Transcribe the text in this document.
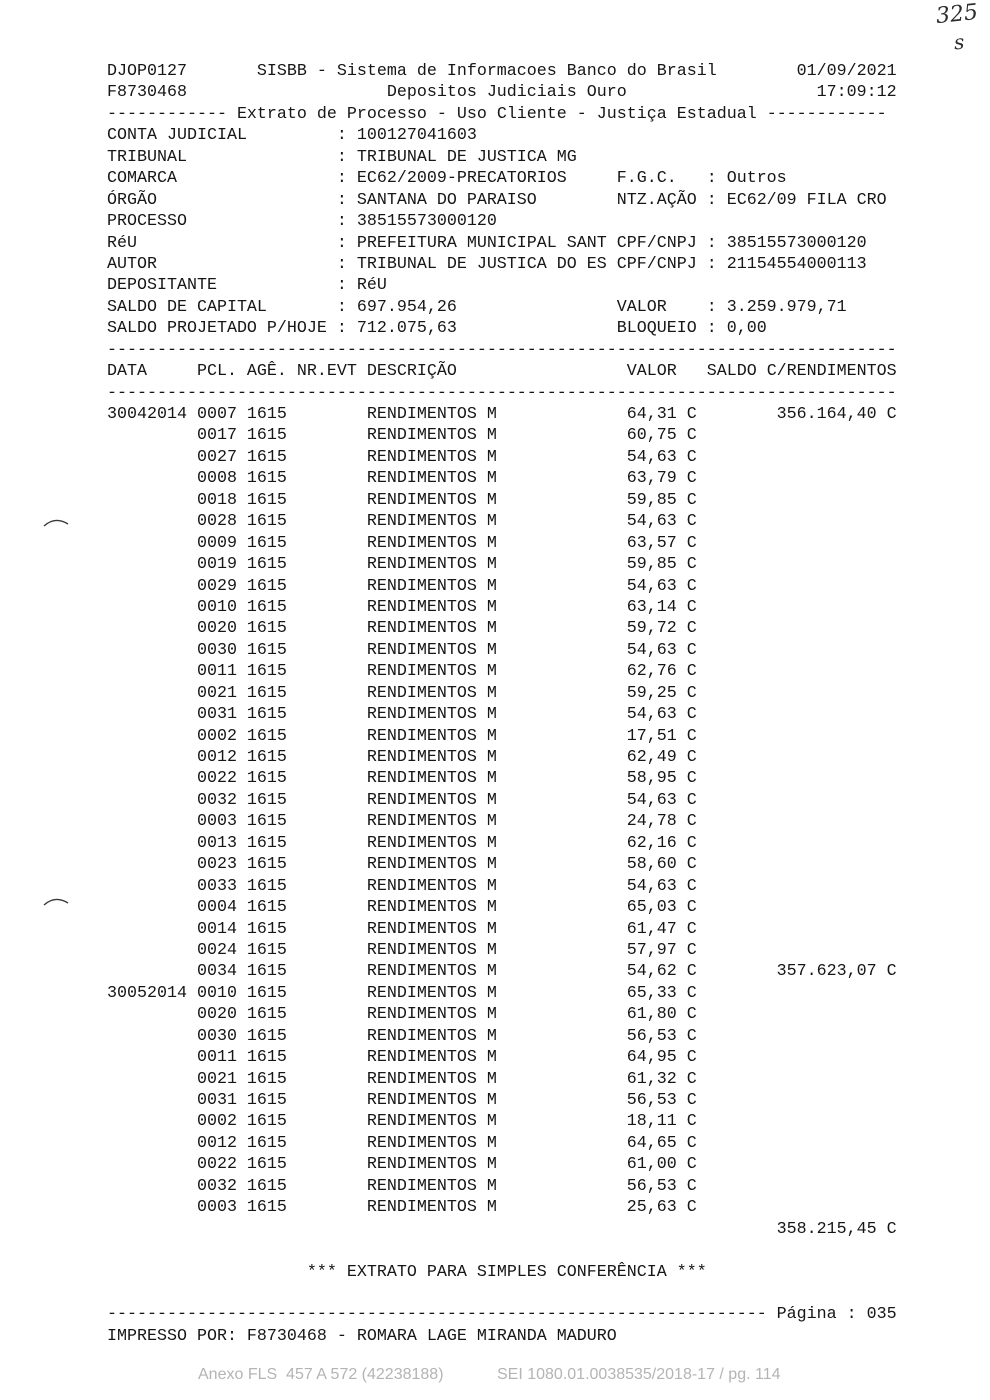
325
s
DJOP0127	SISBB - Sistema de Informacoes Banco do Brasil	01/09/2021
F8730468	Depositos Judiciais Ouro	17:09:12
------------ Extrato de Processo - Uso Cliente - Justiça Estadual ------------
CONTA JUDICIAL	: 100127041603
TRIBUNAL	: TRIBUNAL DE JUSTICA MG
COMARCA	: EC62/2009-PRECATORIOS	F.G.C. : Outros
ÓRGÃO	: SANTANA DO PARAISO	NTZ.AÇÃO : EC62/09 FILA CRO
PROCESSO	: 38515573000120
RéU	: PREFEITURA MUNICIPAL SANT CPF/CNPJ : 38515573000120
AUTOR	: TRIBUNAL DE JUSTICA DO ES CPF/CNPJ : 21154554000113
DEPOSITANTE	: RéU
SALDO DE CAPITAL	: 697.954,26	VALOR : 3.259.979,71
SALDO PROJETADO P/HOJE : 712.075,63	BLOQUEIO : 0,00
-------------------------------------------------------------------------------
DATA	PCL. AGÊ. NR.EVT DESCRIÇÃO	VALOR SALDO C/RENDIMENTOS
-------------------------------------------------------------------------------
30042014 0007 1615	RENDIMENTOS M	64,31 C	356.164,40 C
0017 1615	RENDIMENTOS M	60,75 C
0027 1615	RENDIMENTOS M	54,63 C
0008 1615	RENDIMENTOS M	63,79 C
0018 1615	RENDIMENTOS M	59,85 C
0028 1615	RENDIMENTOS M	54,63 C
0009 1615	RENDIMENTOS M	63,57 C
0019 1615	RENDIMENTOS M	59,85 C
0029 1615	RENDIMENTOS M	54,63 C
0010 1615	RENDIMENTOS M	63,14 C
0020 1615	RENDIMENTOS M	59,72 C
0030 1615	RENDIMENTOS M	54,63 C
0011 1615	RENDIMENTOS M	62,76 C
0021 1615	RENDIMENTOS M	59,25 C
0031 1615	RENDIMENTOS M	54,63 C
0002 1615	RENDIMENTOS M	17,51 C
0012 1615	RENDIMENTOS M	62,49 C
0022 1615	RENDIMENTOS M	58,95 C
0032 1615	RENDIMENTOS M	54,63 C
0003 1615	RENDIMENTOS M	24,78 C
0013 1615	RENDIMENTOS M	62,16 C
0023 1615	RENDIMENTOS M	58,60 C
0033 1615	RENDIMENTOS M	54,63 C
0004 1615	RENDIMENTOS M	65,03 C
0014 1615	RENDIMENTOS M	61,47 C
0024 1615	RENDIMENTOS M	57,97 C
0034 1615	RENDIMENTOS M	54,62 C	357.623,07 C
30052014 0010 1615	RENDIMENTOS M	65,33 C
0020 1615	RENDIMENTOS M	61,80 C
0030 1615	RENDIMENTOS M	56,53 C
0011 1615	RENDIMENTOS M	64,95 C
0021 1615	RENDIMENTOS M	61,32 C
0031 1615	RENDIMENTOS M	56,53 C
0002 1615	RENDIMENTOS M	18,11 C
0012 1615	RENDIMENTOS M	64,65 C
0022 1615	RENDIMENTOS M	61,00 C
0032 1615	RENDIMENTOS M	56,53 C
0003 1615	RENDIMENTOS M	25,63 C
358.215,45 C
*** EXTRATO PARA SIMPLES CONFERÊNCIA ***
------------------------------------------------------------------ Página : 035
IMPRESSO POR: F8730468 - ROMARA LAGE MIRANDA MADURO
Anexo FLS  457 A 572 (42238188)	SEI 1080.01.0038535/2018-17 / pg. 114
